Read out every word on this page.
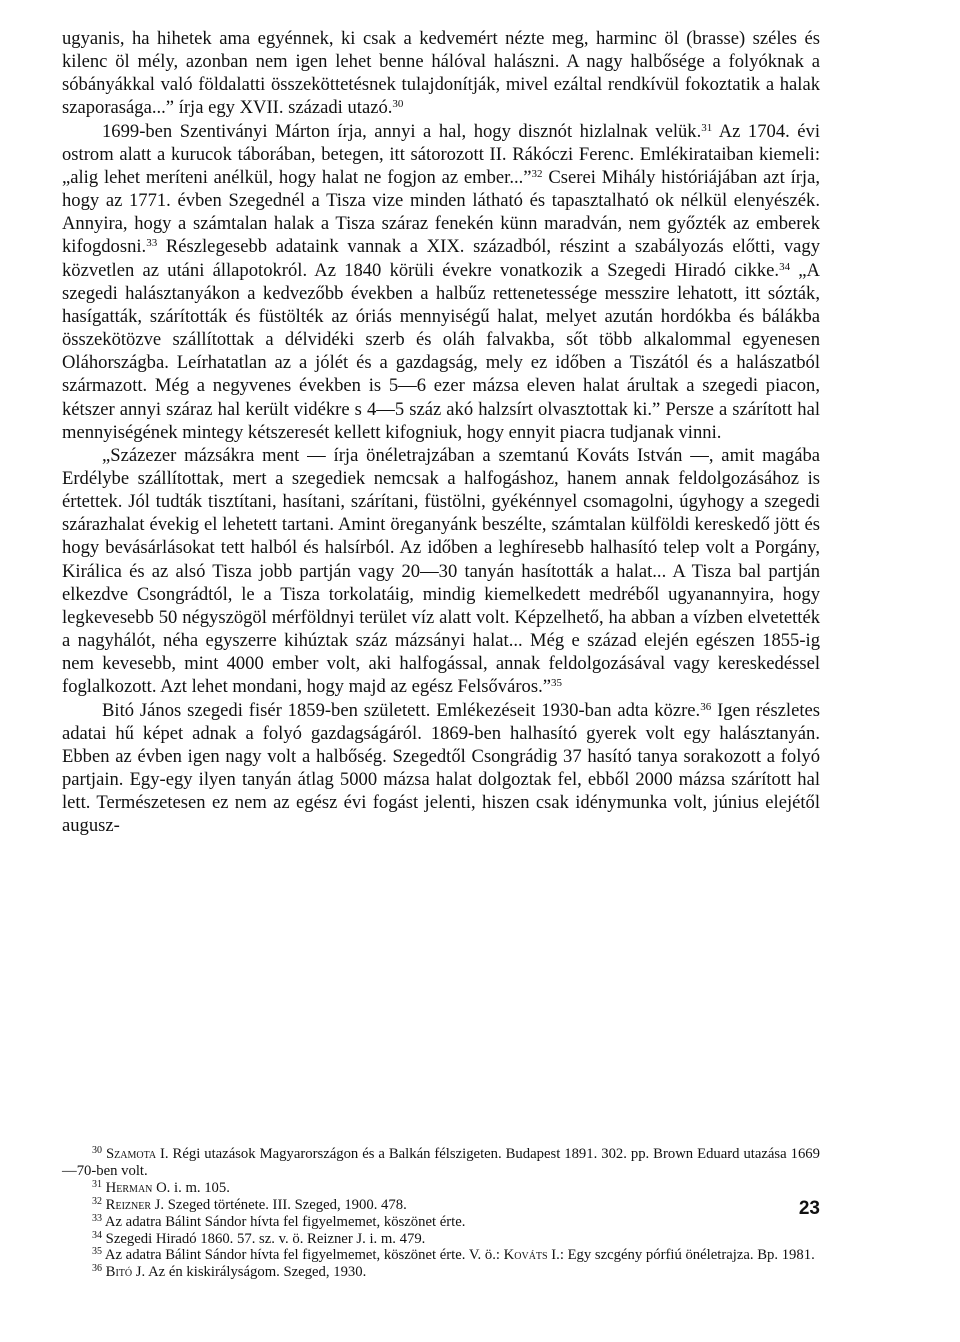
ugyanis, ha hihetek ama egyénnek, ki csak a kedvemért nézte meg, harminc öl (brasse) széles és kilenc öl mély, azonban nem igen lehet benne hálóval halászni. A nagy halbősége a folyóknak a sóbányákkal való földalatti összeköttetésnek tulajdonítják, mivel ezáltal rendkívül fokoztatik a halak szaporasága...” írja egy XVII. századi utazó.$^{30}$

1699-ben Szentiványi Márton írja, annyi a hal, hogy disznót hizlalnak velük.$^{31}$ Az 1704. évi ostrom alatt a kurucok táborában, betegen, itt sátorozott II. Rákóczi Ferenc. Emlékirataiban kiemeli: „alig lehet meríteni anélkül, hogy halat ne fogjon az ember...”$^{32}$ Cserei Mihály históriájában azt írja, hogy az 1771. évben Szegednél a Tisza vize minden látható és tapasztalható ok nélkül elenyészék. Annyira, hogy a számtalan halak a Tisza száraz fenekén künn maradván, nem győzték az emberek kifogdosni.$^{33}$ Részlegesebb adataink vannak a XIX. századból, részint a szabályozás előtti, vagy közvetlen az utáni állapotokról. Az 1840 körüli évekre vonatkozik a Szegedi Hiradó cikke.$^{34}$ „A szegedi halásztanyákon a kedvezőbb években a halbűz rettenetessége messzire lehatott, itt sózták, hasígatták, szárították és füstölték az óriás mennyiségű halat, melyet azután hordókba és bálákba összekötözve szállítottak a délvidéki szerb és oláh falvakba, sőt több alkalommal egyenesen Oláhországba. Leírhatatlan az a jólét és a gazdagság, mely ez időben a Tiszától és a halászatból származott. Még a negyvenes években is 5—6 ezer mázsa eleven halat árultak a szegedi piacon, kétszer annyi száraz hal került vidékre s 4—5 száz akó halzsírt olvasztottak ki.” Persze a szárított hal mennyiségének mintegy kétszeresét kellett kifogniuk, hogy ennyit piacra tudjanak vinni.

„Százezer mázsákra ment — írja önéletrajzában a szemtanú Kováts István —, amit magába Erdélybe szállítottak, mert a szegediek nemcsak a halfogáshoz, hanem annak feldolgozásához is értettek. Jól tudták tisztítani, hasítani, szárítani, füstölni, gyékénnyel csomagolni, úgyhogy a szegedi szárazhalat évekig el lehetett tartani. Amint öreganyánk beszélte, számtalan külföldi kereskedő jött és hogy bevásárlásokat tett halból és halsírból. Az időben a leghíresebb halhasító telep volt a Porgány, Királica és az alsó Tisza jobb partján vagy 20—30 tanyán hasították a halat... A Tisza bal partján elkezdve Csongrádtól, le a Tisza torkolatáig, mindig kiemelkedett medréből ugyanannyira, hogy legkevesebb 50 négyszögöl mérföldnyi terület víz alatt volt. Képzelhető, ha abban a vízben elvetették a nagyhálót, néha egyszerre kihúztak száz mázsányi halat... Még e század elején egészen 1855-ig nem kevesebb, mint 4000 ember volt, aki halfogással, annak feldolgozásával vagy kereskedéssel foglalkozott. Azt lehet mondani, hogy majd az egész Felsőváros.”$^{35}$

Bitó János szegedi fisér 1859-ben született. Emlékezéseit 1930-ban adta közre.$^{36}$ Igen részletes adatai hű képet adnak a folyó gazdagságáról. 1869-ben halhasító gyerek volt egy halásztanyán. Ebben az évben igen nagy volt a halbőség. Szegedtől Csongrádig 37 hasító tanya sorakozott a folyó partjain. Egy-egy ilyen tanyán átlag 5000 mázsa halat dolgoztak fel, ebből 2000 mázsa szárított hal lett. Természetesen ez nem az egész évi fogást jelenti, hiszen csak idénymunka volt, június elejétől augusz-

$^{30}$ Szamota I. Régi utazások Magyarországon és a Balkán félszigeten. Budapest 1891. 302. pp. Brown Eduard utazása 1669—70-ben volt.

$^{31}$ Herman O. i. m. 105.

$^{32}$ Reizner J. Szeged története. III. Szeged, 1900. 478.

$^{33}$ Az adatra Bálint Sándor hívta fel figyelmemet, köszönet érte.

$^{34}$ Szegedi Hiradó 1860. 57. sz. v. ö. Reizner J. i. m. 479.

$^{35}$ Az adatra Bálint Sándor hívta fel figyelmemet, köszönet érte. V. ö.: Kováts I.: Egy szcgény pórfiú önéletrajza. Bp. 1981.

$^{36}$ Bitó J. Az én kiskirályságom. Szeged, 1930.

23
